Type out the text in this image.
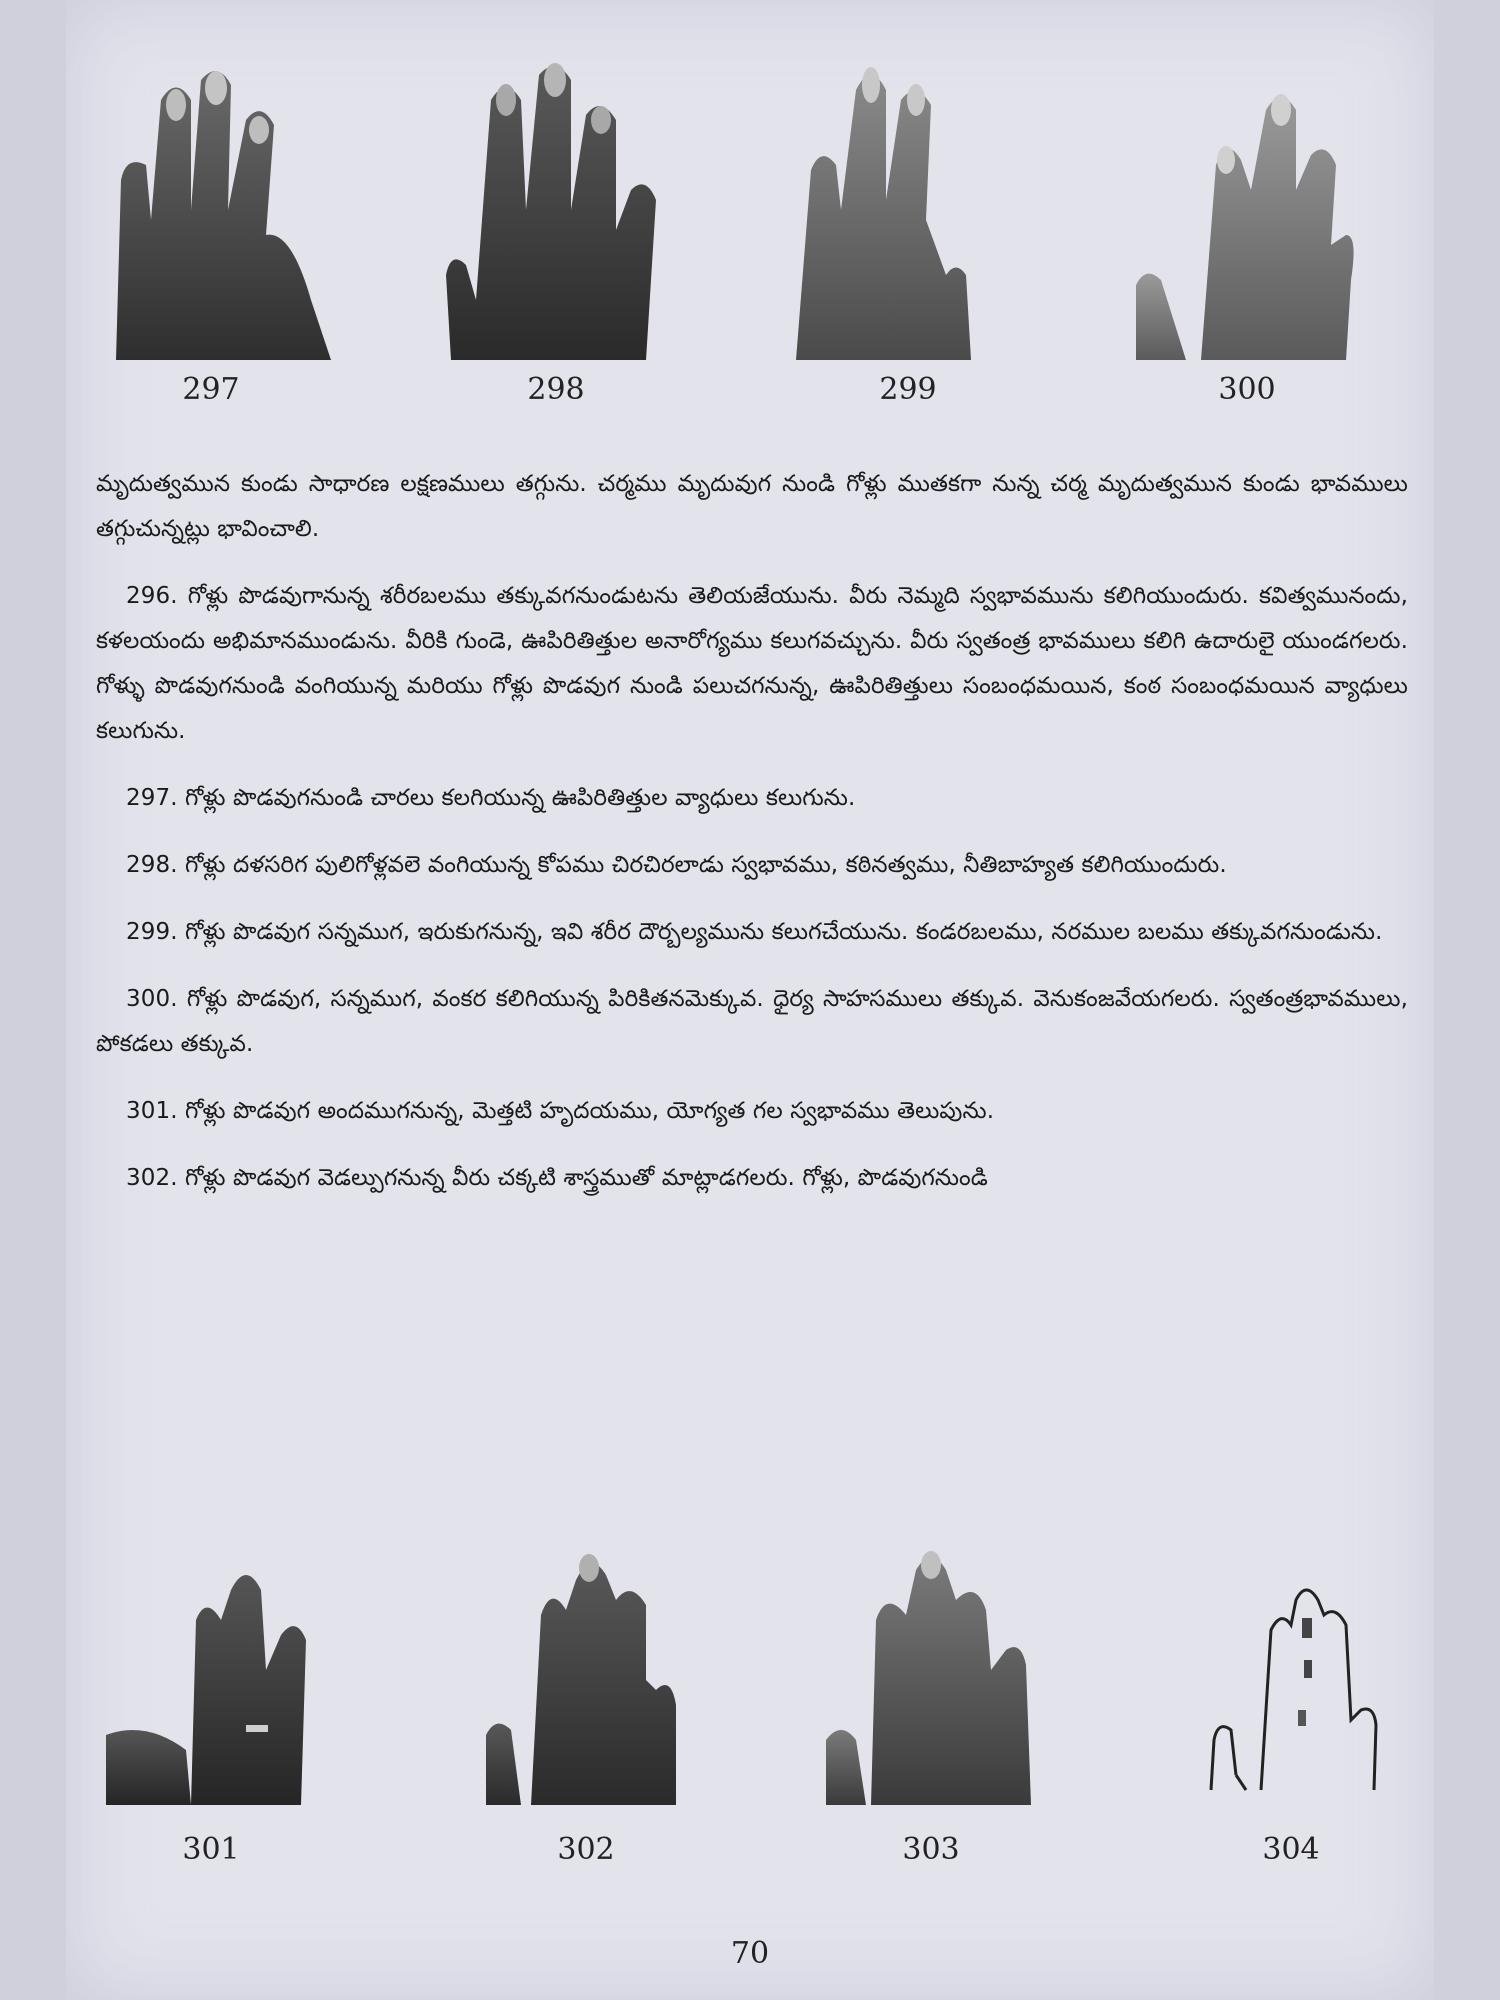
297	298	299	300

మృదుత్వమున కుండు సాధారణ లక్షణములు తగ్గును. చర్మము మృదువుగ నుండి గోళ్లు ముతకగా నున్న చర్మ మృదుత్వమున కుండు భావములు తగ్గుచున్నట్లు భావించాలి.

296. గోళ్లు పొడవుగానున్న శరీరబలము తక్కువగనుండుటను తెలియజేయును. వీరు నెమ్మది స్వభావమును కలిగియుందురు. కవిత్వమునందు, కళలయందు అభిమానముండును. వీరికి గుండె, ఊపిరితిత్తుల అనారోగ్యము కలుగవచ్చును. వీరు స్వతంత్ర భావములు కలిగి ఉదారులై యుండగలరు. గోళ్ళు పొడవుగనుండి వంగియున్న మరియు గోళ్లు పొడవుగ నుండి పలుచగనున్న, ఊపిరితిత్తులు సంబంధమయిన, కంఠ సంబంధమయిన వ్యాధులు కలుగును.

297. గోళ్లు పొడవుగనుండి చారలు కలగియున్న ఊపిరితిత్తుల వ్యాధులు కలుగును.

298. గోళ్లు దళసరిగ పులిగోళ్లవలె వంగియున్న కోపము చిరచిరలాడు స్వభావము, కఠినత్వము, నీతిబాహ్యత కలిగియుందురు.

299. గోళ్లు పొడవుగ సన్నముగ, ఇరుకుగనున్న, ఇవి శరీర దౌర్బల్యమును కలుగచేయును. కండరబలము, నరముల బలము తక్కువగనుండును.

300. గోళ్లు పొడవుగ, సన్నముగ, వంకర కలిగియున్న పిరికితనమెక్కువ. ధైర్య సాహసములు తక్కువ. వెనుకంజవేయగలరు. స్వతంత్రభావములు, పోకడలు తక్కువ.

301. గోళ్లు పొడవుగ అందముగనున్న, మెత్తటి హృదయము, యోగ్యత గల స్వభావము తెలుపును.

302. గోళ్లు పొడవుగ వెడల్పుగనున్న వీరు చక్కటి శాస్త్రముతో మాట్లాడగలరు. గోళ్లు, పొడవుగనుండి

301	302	303	304
70
